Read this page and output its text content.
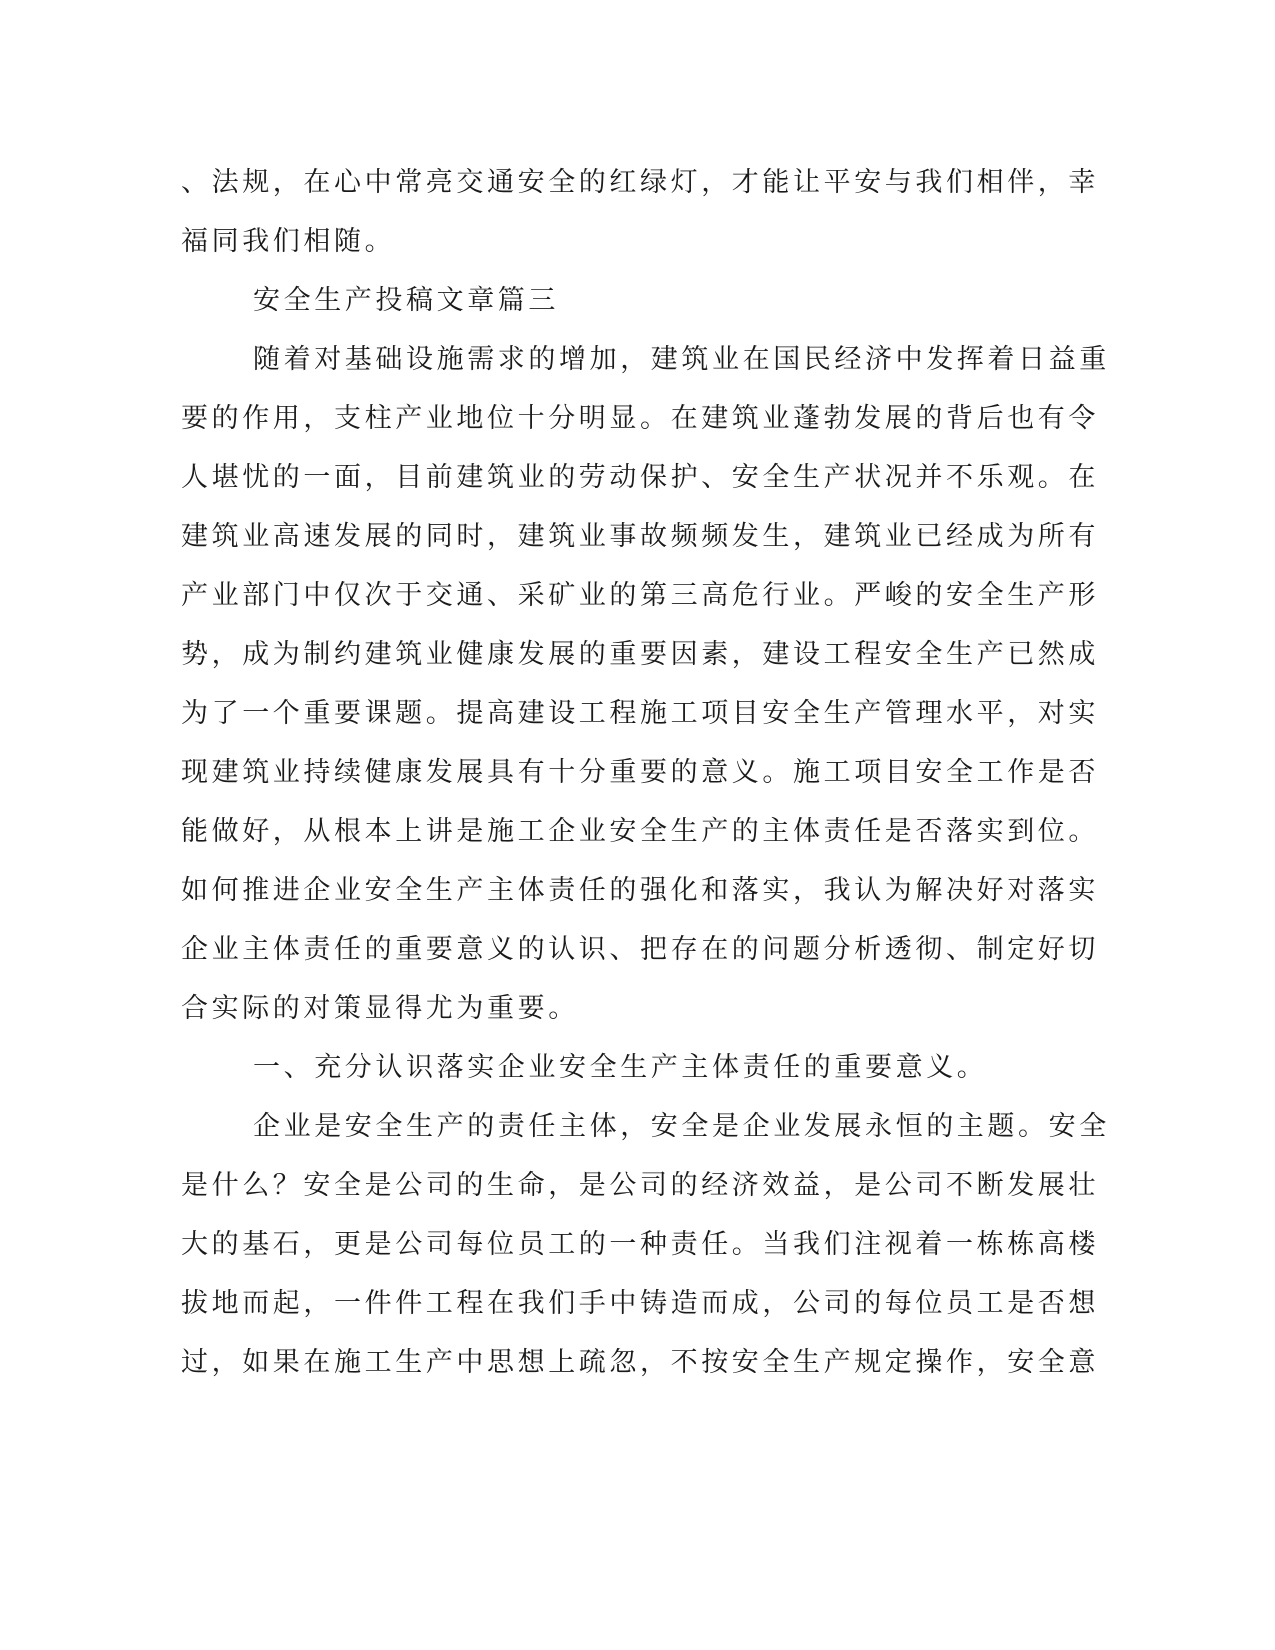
、法规，在心中常亮交通安全的红绿灯，才能让平安与我们相伴，幸
福同我们相随。
安全生产投稿文章篇三
随着对基础设施需求的增加，建筑业在国民经济中发挥着日益重
要的作用，支柱产业地位十分明显。在建筑业蓬勃发展的背后也有令
人堪忧的一面，目前建筑业的劳动保护、安全生产状况并不乐观。在
建筑业高速发展的同时，建筑业事故频频发生，建筑业已经成为所有
产业部门中仅次于交通、采矿业的第三高危行业。严峻的安全生产形
势，成为制约建筑业健康发展的重要因素，建设工程安全生产已然成
为了一个重要课题。提高建设工程施工项目安全生产管理水平，对实
现建筑业持续健康发展具有十分重要的意义。施工项目安全工作是否
能做好，从根本上讲是施工企业安全生产的主体责任是否落实到位。
如何推进企业安全生产主体责任的强化和落实，我认为解决好对落实
企业主体责任的重要意义的认识、把存在的问题分析透彻、制定好切
合实际的对策显得尤为重要。
一、充分认识落实企业安全生产主体责任的重要意义。
企业是安全生产的责任主体，安全是企业发展永恒的主题。安全
是什么？安全是公司的生命，是公司的经济效益，是公司不断发展壮
大的基石，更是公司每位员工的一种责任。当我们注视着一栋栋高楼
拔地而起，一件件工程在我们手中铸造而成，公司的每位员工是否想
过，如果在施工生产中思想上疏忽，不按安全生产规定操作，安全意
